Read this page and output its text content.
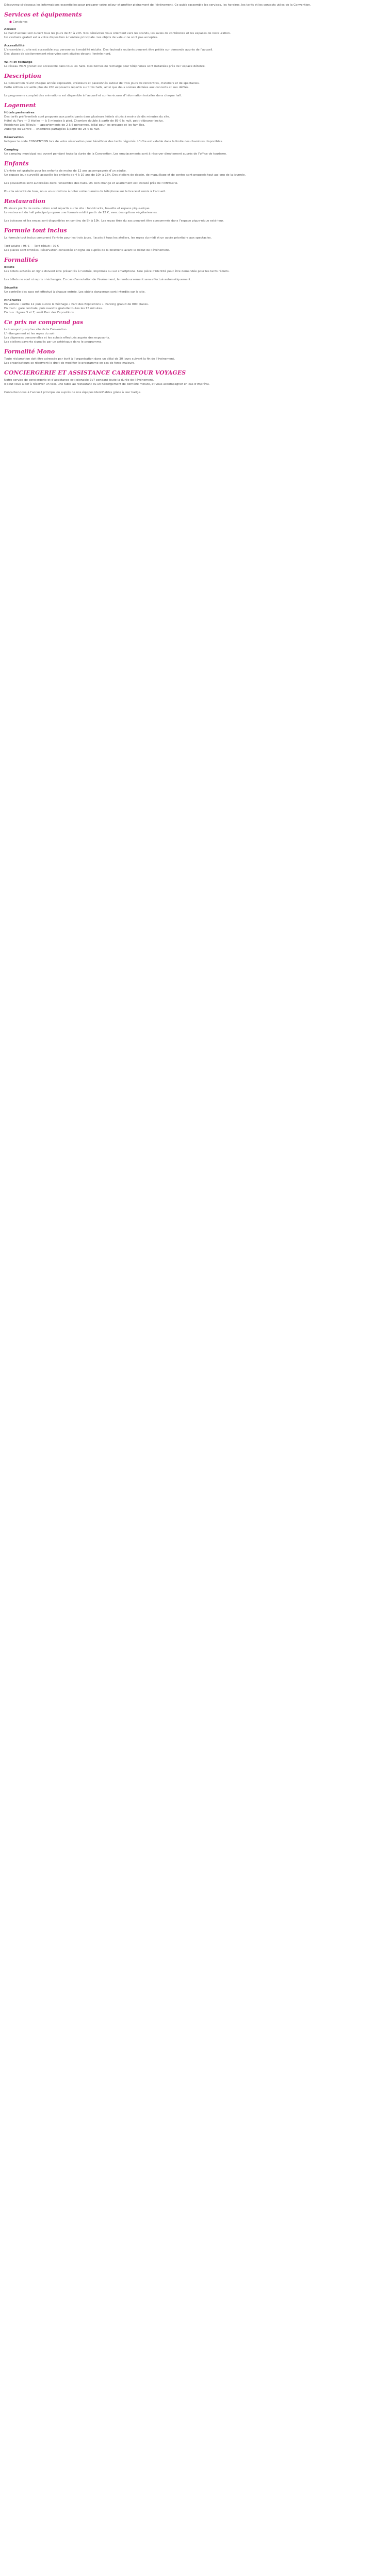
Découvrez ci-dessous les informations essentielles pour préparer votre séjour et profiter pleinement de l’événement. Ce guide rassemble les services, les horaires, les tarifs et les contacts utiles de la Convention.

Services et équipements
● Consignes

Accueil

Le hall d’accueil est ouvert tous les jours de 8h à 20h. Nos bénévoles vous orientent vers les stands, les salles de conférence et les espaces de restauration.

Un vestiaire gratuit est à votre disposition à l’entrée principale. Les objets de valeur ne sont pas acceptés.

Accessibilité

L’ensemble du site est accessible aux personnes à mobilité réduite. Des fauteuils roulants peuvent être prêtés sur demande auprès de l’accueil.

Des places de stationnement réservées sont situées devant l’entrée nord.

Wi-Fi et recharge

Le réseau Wi-Fi gratuit est accessible dans tous les halls. Des bornes de recharge pour téléphones sont installées près de l’espace détente.

Description

La Convention réunit chaque année exposants, créateurs et passionnés autour de trois jours de rencontres, d’ateliers et de spectacles.

Cette édition accueille plus de 200 exposants répartis sur trois halls, ainsi que deux scènes dédiées aux concerts et aux défilés.

Le programme complet des animations est disponible à l’accueil et sur les écrans d’information installés dans chaque hall.

Logement

Hôtels partenaires

Des tarifs préférentiels sont proposés aux participants dans plusieurs hôtels situés à moins de dix minutes du site.

Hôtel du Parc — 3 étoiles — à 5 minutes à pied. Chambre double à partir de 89 € la nuit, petit-déjeuner inclus.

Résidence Les Tilleuls — appartements de 2 à 6 personnes, idéal pour les groupes et les familles.

Auberge du Centre — chambres partagées à partir de 25 € la nuit.

Réservation

Indiquez le code CONVENTION lors de votre réservation pour bénéficier des tarifs négociés. L’offre est valable dans la limite des chambres disponibles.

Camping

Un camping municipal est ouvert pendant toute la durée de la Convention. Les emplacements sont à réserver directement auprès de l’office de tourisme.

Enfants

L’entrée est gratuite pour les enfants de moins de 12 ans accompagnés d’un adulte.

Un espace jeux surveillé accueille les enfants de 4 à 10 ans de 10h à 18h. Des ateliers de dessin, de maquillage et de contes sont proposés tout au long de la journée.

Les poussettes sont autorisées dans l’ensemble des halls. Un coin change et allaitement est installé près de l’infirmerie.

Pour la sécurité de tous, nous vous invitons à noter votre numéro de téléphone sur le bracelet remis à l’accueil.

Restauration

Plusieurs points de restauration sont répartis sur le site : food-trucks, buvette et espace pique-nique.

Le restaurant du hall principal propose une formule midi à partir de 12 €, avec des options végétariennes.

Les boissons et les encas sont disponibles en continu de 9h à 19h. Les repas tirés du sac peuvent être consommés dans l’espace pique-nique extérieur.

Formule tout inclus

La formule tout inclus comprend l’entrée pour les trois jours, l’accès à tous les ateliers, les repas du midi et un accès prioritaire aux spectacles.

Tarif adulte : 95 € — Tarif réduit : 70 €

Les places sont limitées. Réservation conseillée en ligne ou auprès de la billetterie avant le début de l’événement.

Formalités

Billets

Les billets achetés en ligne doivent être présentés à l’entrée, imprimés ou sur smartphone. Une pièce d’identité peut être demandée pour les tarifs réduits.

Les billets ne sont ni repris ni échangés. En cas d’annulation de l’événement, le remboursement sera effectué automatiquement.

Sécurité

Un contrôle des sacs est effectué à chaque entrée. Les objets dangereux sont interdits sur le site.

Itinéraires

En voiture : sortie 12 puis suivre le fléchage « Parc des Expositions ». Parking gratuit de 800 places.

En train : gare centrale, puis navette gratuite toutes les 15 minutes.

En bus : lignes 3 et 7, arrêt Parc des Expositions.

Ce prix ne comprend pas

Le transport jusqu’au site de la Convention.

L’hébergement et les repas du soir.

Les dépenses personnelles et les achats effectués auprès des exposants.

Les ateliers payants signalés par un astérisque dans le programme.

Formalité Mono

Toute réclamation doit être adressée par écrit à l’organisation dans un délai de 30 jours suivant la fin de l’événement.

Les organisateurs se réservent le droit de modifier le programme en cas de force majeure.

CONCIERGERIE ET ASSISTANCE CARREFOUR VOYAGES

Notre service de conciergerie et d’assistance est joignable 7j/7 pendant toute la durée de l’événement.

Il peut vous aider à réserver un taxi, une table au restaurant ou un hébergement de dernière minute, et vous accompagner en cas d’imprévu.

Contactez-nous à l’accueil principal ou auprès de nos équipes identifiables grâce à leur badge.
